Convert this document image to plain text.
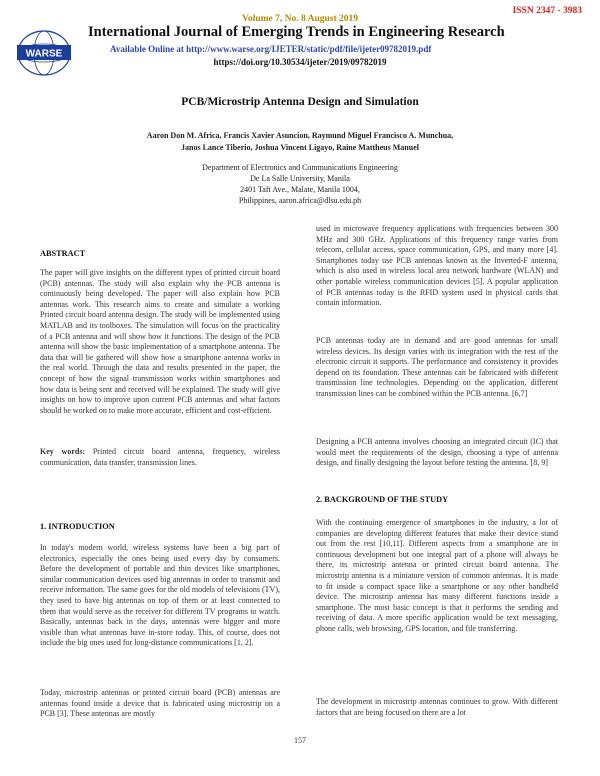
ISSN 2347 - 3983
Volume 7, No. 8 August 2019
WARSE
International Journal of Emerging Trends in Engineering Research
Available Online at http://www.warse.org/IJETER/static/pdf/file/ijeter09782019.pdf
https://doi.org/10.30534/ijeter/2019/09782019
PCB/Microstrip Antenna Design and Simulation
Aaron Don M. Africa, Francis Xavier Asuncion, Raymund Miguel Francisco A. Munchua,
Janos Lance Tiberio, Joshua Vincent Ligayo, Raine Mattheus Manuel
Department of Electronics and Communications Engineering
De La Salle University, Manila
2401 Taft Ave., Malate, Manila 1004,
Philippines, aaron.africa@dlsu.edu.ph
ABSTRACT

The paper will give insights on the different types of printed circuit board (PCB) antennas. The study will also explain why the PCB antenna is continuously being developed. The paper will also explain how PCB antennas work. This research aims to create and simulate a working Printed circuit board antenna design. The study will be implemented using MATLAB and its toolboxes. The simulation will focus on the practicality of a PCB antenna and will show how it functions. The design of the PCB antenna will show the basic implementation of a smartphone antenna. The data that will be gathered will show how a smartphone antenna works in the real world. Through the data and results presented in the paper, the concept of how the signal transmission works within smartphones and how data is being sent and received will be explained. The study will give insights on how to improve upon current PCB antennas and what factors should be worked on to make more accurate, efficient and cost-efficient.

Key words: Printed circuit board antenna, frequency, wireless communication, data transfer, transmission lines.

1. INTRODUCTION

In today's modern world, wireless systems have been a big part of electronics, especially the ones being used every day by consumers. Before the development of portable and thin devices like smartphones, similar communication devices used big antennas in order to transmit and receive information. The same goes for the old models of televisions (TV), they used to have big antennas on top of them or at least connected to them that would serve as the receiver for different TV programs to watch. Basically, antennas back in the days, antennas were bigger and more visible than what antennas have in-store today. This, of course, does not include the big ones used for long-distance communications [1, 2].

Today, microstrip antennas or printed circuit board (PCB) antennas are antennas found inside a device that is fabricated using microstrip on a PCB [3]. These antennas are mostly

used in microwave frequency applications with frequencies between 300 MHz and 300 GHz. Applications of this frequency range varies from telecom, cellular access, space communication, GPS, and many more [4]. Smartphones today use PCB antennas known as the Inverted-F antenna, which is also used in wireless local area network hardware (WLAN) and other portable wireless communication devices [5]. A popular application of PCB antennas today is the RFID system used in physical cards that contain information.

PCB antennas today are in demand and are good antennas for small wireless devices. Its design varies with its integration with the rest of the electronic circuit it supports. The performance and consistency it provides depend on its foundation. These antennas can be fabricated with different transmission line technologies. Depending on the application, different transmission lines can be combined within the PCB antenna. [6,7]

Designing a PCB antenna involves choosing an integrated circuit (IC) that would meet the requirements of the design, choosing a type of antenna design, and finally designing the layout before testing the antenna. [8, 9]

2. BACKGROUND OF THE STUDY

With the continuing emergence of smartphones in the industry, a lot of companies are developing different features that make their device stand out from the rest [10,11]. Different aspects from a smartphone are in continuous development but one integral part of a phone will always be there, its microstrip antenna or printed circuit board antenna. The microstrip antenna is a miniature version of common antennas. It is made to fit inside a compact space like a smartphone or any other handheld device. The microstrip antenna has many different functions inside a smartphone. The most basic concept is that it performs the sending and receiving of data. A more specific application would be text messaging, phone calls, web browsing, GPS location, and file transferring.

The development in microstrip antennas continues to grow. With different factors that are being focused on there are a lot

157
